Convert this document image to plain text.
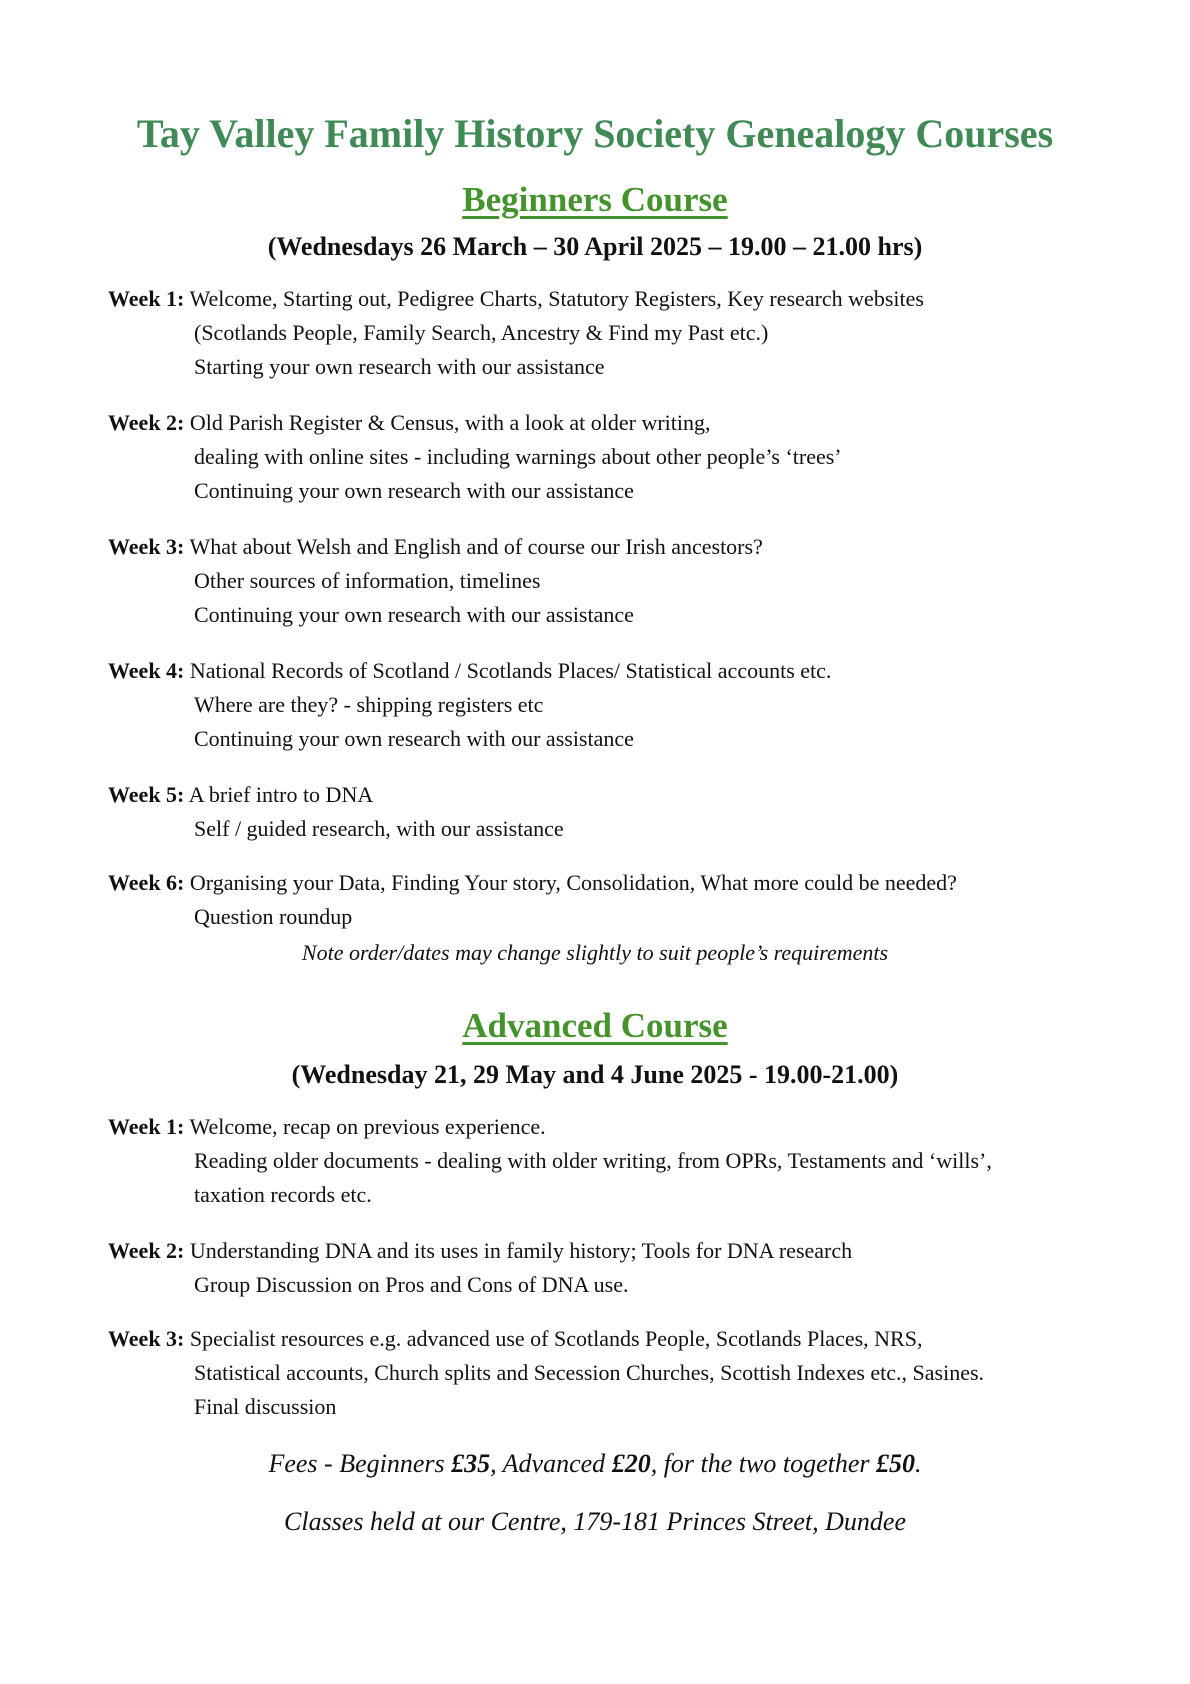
Tay Valley Family History Society Genealogy Courses
Beginners Course
(Wednesdays 26 March – 30 April 2025 – 19.00 – 21.00 hrs)
Week 1: Welcome, Starting out, Pedigree Charts, Statutory Registers, Key research websites
(Scotlands People, Family Search, Ancestry & Find my Past etc.)
Starting your own research with our assistance
Week 2: Old Parish Register & Census, with a look at older writing,
dealing with online sites - including warnings about other people’s ‘trees’
Continuing your own research with our assistance
Week 3: What about Welsh and English and of course our Irish ancestors?
Other sources of information, timelines
Continuing your own research with our assistance
Week 4: National Records of Scotland / Scotlands Places/ Statistical accounts etc.
Where are they? - shipping registers etc
Continuing your own research with our assistance
Week 5: A brief intro to DNA
Self / guided research, with our assistance
Week 6: Organising your Data, Finding Your story, Consolidation, What more could be needed?
Question roundup
Note order/dates may change slightly to suit people’s requirements
Advanced Course
(Wednesday 21, 29 May and 4 June 2025 - 19.00-21.00)
Week 1: Welcome, recap on previous experience.
Reading older documents - dealing with older writing, from OPRs, Testaments and ‘wills’,
taxation records etc.
Week 2: Understanding DNA and its uses in family history; Tools for DNA research
Group Discussion on Pros and Cons of DNA use.
Week 3: Specialist resources e.g. advanced use of Scotlands People, Scotlands Places, NRS,
Statistical accounts, Church splits and Secession Churches, Scottish Indexes etc., Sasines.
Final discussion
Fees - Beginners £35, Advanced £20, for the two together £50.
Classes held at our Centre, 179-181 Princes Street, Dundee
